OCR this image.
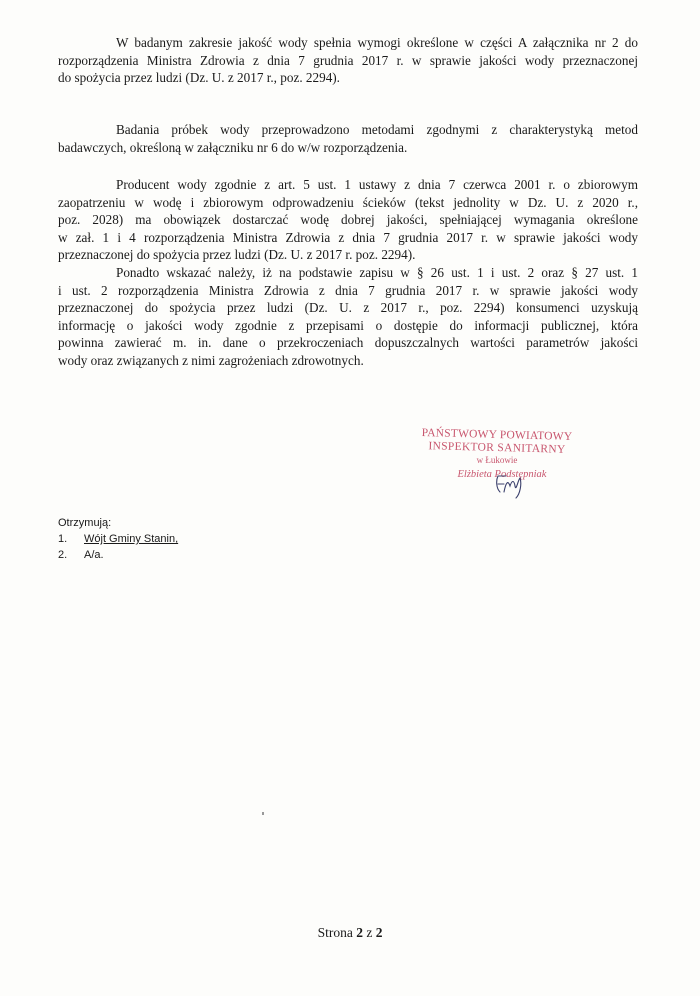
W badanym zakresie jakość wody spełnia wymogi określone w części A załącznika nr 2 do
rozporządzenia Ministra Zdrowia z dnia 7 grudnia 2017 r. w sprawie jakości wody przeznaczonej
do spożycia przez ludzi (Dz. U. z 2017 r., poz. 2294).

Badania próbek wody przeprowadzono metodami zgodnymi z charakterystyką metod
badawczych, określoną w załączniku nr 6 do w/w rozporządzenia.

Producent wody zgodnie z art. 5 ust. 1 ustawy z dnia 7 czerwca 2001 r. o zbiorowym
zaopatrzeniu w wodę i zbiorowym odprowadzeniu ścieków (tekst jednolity w Dz. U. z 2020 r.,
poz. 2028) ma obowiązek dostarczać wodę dobrej jakości, spełniającej wymagania określone
w zał. 1 i 4 rozporządzenia Ministra Zdrowia z dnia 7 grudnia 2017 r. w sprawie jakości wody
przeznaczonej do spożycia przez ludzi (Dz. U. z 2017 r. poz. 2294).

Ponadto wskazać należy, iż na podstawie zapisu w § 26 ust. 1 i ust. 2 oraz § 27 ust. 1
i ust. 2 rozporządzenia Ministra Zdrowia z dnia 7 grudnia 2017 r. w sprawie jakości wody
przeznaczonej do spożycia przez ludzi (Dz. U. z 2017 r., poz. 2294) konsumenci uzyskują
informację o jakości wody zgodnie z przepisami o dostępie do informacji publicznej, która
powinna zawierać m. in. dane o przekroczeniach dopuszczalnych wartości parametrów jakości
wody oraz związanych z nimi zagrożeniach zdrowotnych.

PAŃSTWOWY POWIATOWY
INSPEKTOR SANITARNY
w Łukowie
Elżbieta Podstępniak
Otrzymują:
1. Wójt Gminy Stanin,
2. A/a.
Strona 2 z 2
